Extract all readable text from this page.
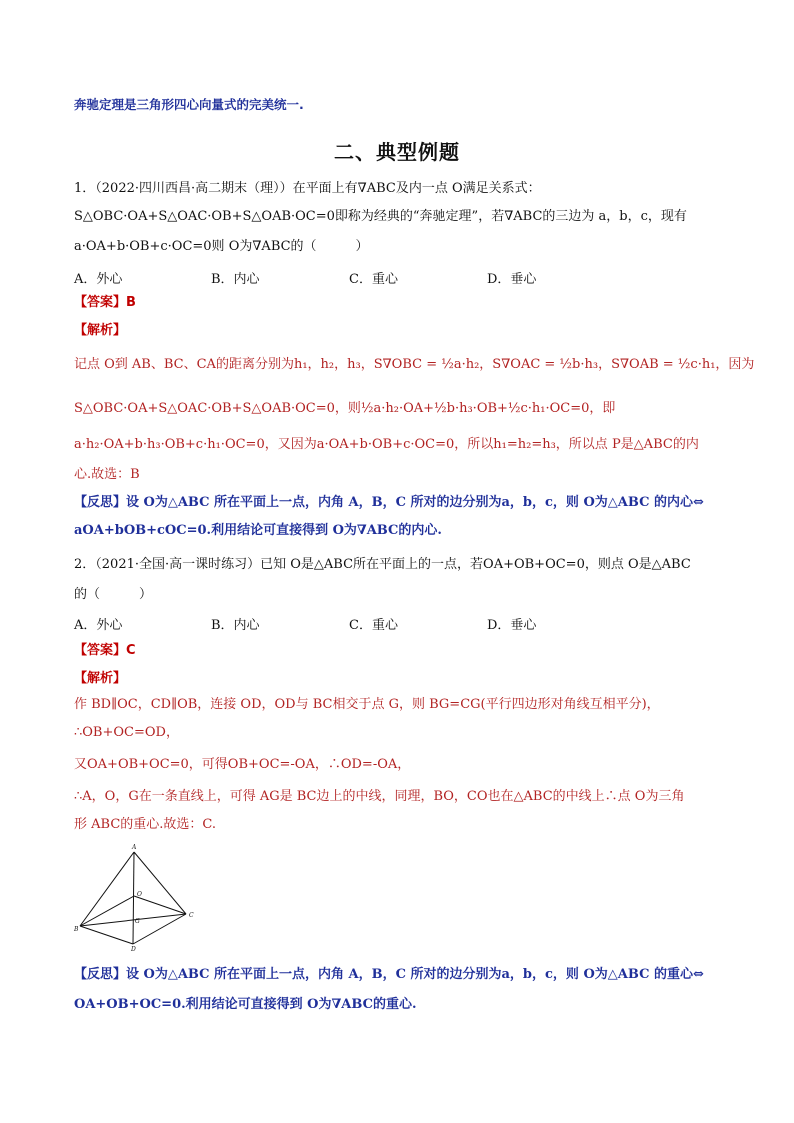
奔驰定理是三角形四心向量式的完美统一.
二、典型例题
1．（2022·四川西昌·高二期末（理））在平面上有∇ABC及内一点 O满足关系式：
S△OBC·OA+S△OAC·OB+S△OAB·OC=0即称为经典的“奔驰定理”，若∇ABC的三边为 a，b，c，现有
a·OA+b·OB+c·OC=0则 O为∇ABC的（　　　）
A．外心	B．内心	C．重心	D．垂心
【答案】B
【解析】
记点 O到 AB、BC、CA的距离分别为h₁，h₂，h₃，S∇OBC = ½a·h₂，S∇OAC = ½b·h₃，S∇OAB = ½c·h₁，因为
S△OBC·OA+S△OAC·OB+S△OAB·OC=0，则½a·h₂·OA+½b·h₃·OB+½c·h₁·OC=0，即
a·h₂·OA+b·h₃·OB+c·h₁·OC=0，又因为a·OA+b·OB+c·OC=0，所以h₁=h₂=h₃，所以点 P是△ABC的内
心.故选：B
【反思】设 O为△ABC 所在平面上一点，内角 A，B，C 所对的边分别为a，b，c，则 O为△ABC 的内心⇔
aOA+bOB+cOC=0.利用结论可直接得到 O为∇ABC的内心.
2．（2021·全国·高一课时练习）已知 O是△ABC所在平面上的一点，若OA+OB+OC=0，则点 O是△ABC
的（　　　）
A．外心	B．内心	C．重心	D．垂心
【答案】C
【解析】
作 BD∥OC，CD∥OB，连接 OD，OD与 BC相交于点 G，则 BG=CG(平行四边形对角线互相平分)，
∴OB+OC=OD，
又OA+OB+OC=0，可得OB+OC=-OA，∴OD=-OA，
∴A，O，G在一条直线上，可得 AG是 BC边上的中线，同理，BO，CO也在△ABC的中线上∴点 O为三角
形 ABC的重心.故选：C.
A
O
G
B
C
D
【反思】设 O为△ABC 所在平面上一点，内角 A，B，C 所对的边分别为a，b，c，则 O为△ABC 的重心⇔
OA+OB+OC=0.利用结论可直接得到 O为∇ABC的重心.
